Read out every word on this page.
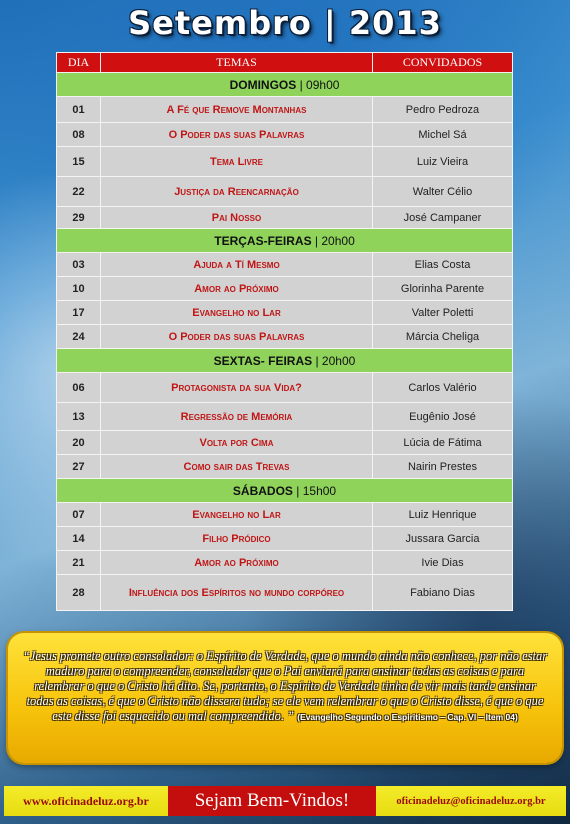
Setembro | 2013
DIA	TEMAS	CONVIDADOS
DOMINGOS | 09h00		
01	A Fé que Remove Montanhas	Pedro Pedroza
08	O Poder das suas Palavras	Michel Sá
15	Tema Livre	Luiz Vieira
22	Justiça da Reencarnação	Walter Célio
29	Pai Nosso	José Campaner
TERÇAS-FEIRAS | 20h00		
03	Ajuda a Tí Mesmo	Elias Costa
10	Amor ao Próximo	Glorinha Parente
17	Evangelho no Lar	Valter Poletti
24	O Poder das suas Palavras	Márcia Cheliga
SEXTAS- FEIRAS | 20h00		
06	Protagonista da sua Vida?	Carlos Valério
13	Regressão de Memória	Eugênio José
20	Volta por Cima	Lúcia de Fátima
27	Como sair das Trevas	Nairin Prestes
SÁBADOS | 15h00		
07	Evangelho no Lar	Luiz Henrique
14	Filho Pródico	Jussara Garcia
21	Amor ao Próximo	Ivie Dias
28	Influência dos Espíritos no mundo corpóreo	Fabiano Dias
“Jesus promete outro consolador: o Espírito de Verdade, que o mundo ainda não conhece, por não estar maduro para o compreender, consolador que o Pai enviará para ensinar todas as coisas e para relembrar o que o Cristo há dito. Se, portanto, o Espírito de Verdade tinha de vir mais tarde ensinar todas as coisas, é que o Cristo não dissera tudo; se ele vem relembrar o que o Cristo disse, é que o que este disse foi esquecido ou mal compreendido. ” (Evangelho Segundo o Espiritismo – Cap. VI – Item 04)
www.oficinadeluz.org.br	Sejam Bem-Vindos!	oficinadeluz@oficinadeluz.org.br
